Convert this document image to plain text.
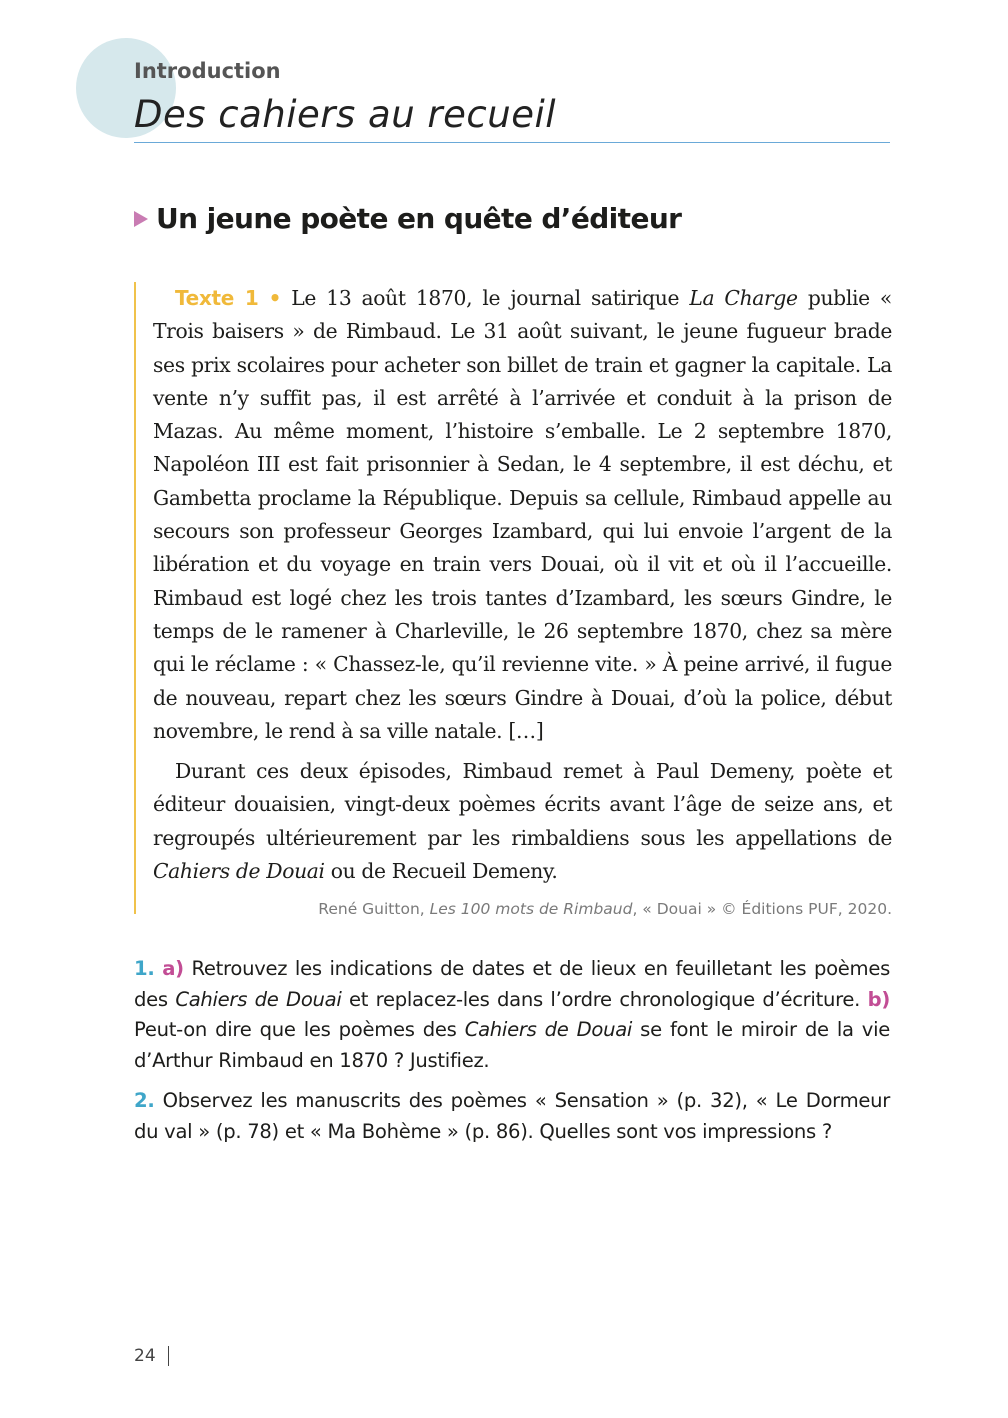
Introduction
Des cahiers au recueil
Un jeune poète en quête d’éditeur

Texte 1 • Le 13 août 1870, le journal satirique La Charge publie « Trois baisers » de Rimbaud. Le 31 août suivant, le jeune fugueur brade ses prix scolaires pour acheter son billet de train et gagner la capitale. La vente n’y suffit pas, il est arrêté à l’arrivée et conduit à la prison de Mazas. Au même moment, l’histoire s’emballe. Le 2 septembre 1870, Napoléon III est fait prisonnier à Sedan, le 4 septembre, il est déchu, et Gambetta proclame la République. Depuis sa cellule, Rimbaud appelle au secours son professeur Georges Izambard, qui lui envoie l’argent de la libération et du voyage en train vers Douai, où il vit et où il l’accueille. Rimbaud est logé chez les trois tantes d’Izambard, les sœurs Gindre, le temps de le ramener à Charleville, le 26 septembre 1870, chez sa mère qui le réclame : « Chassez-le, qu’il revienne vite. » À peine arrivé, il fugue de nouveau, repart chez les sœurs Gindre à Douai, d’où la police, début novembre, le rend à sa ville natale. […]

Durant ces deux épisodes, Rimbaud remet à Paul Demeny, poète et éditeur douaisien, vingt-deux poèmes écrits avant l’âge de seize ans, et regroupés ultérieurement par les rimbaldiens sous les appellations de Cahiers de Douai ou de Recueil Demeny.

René Guitton, Les 100 mots de Rimbaud, « Douai » © Éditions PUF, 2020.

1. a) Retrouvez les indications de dates et de lieux en feuilletant les poèmes des Cahiers de Douai et replacez-les dans l’ordre chronologique d’écriture. b) Peut-on dire que les poèmes des Cahiers de Douai se font le miroir de la vie d’Arthur Rimbaud en 1870 ? Justifiez.

2. Observez les manuscrits des poèmes « Sensation » (p. 32), « Le Dormeur du val » (p. 78) et « Ma Bohème » (p. 86). Quelles sont vos impressions ?

24
